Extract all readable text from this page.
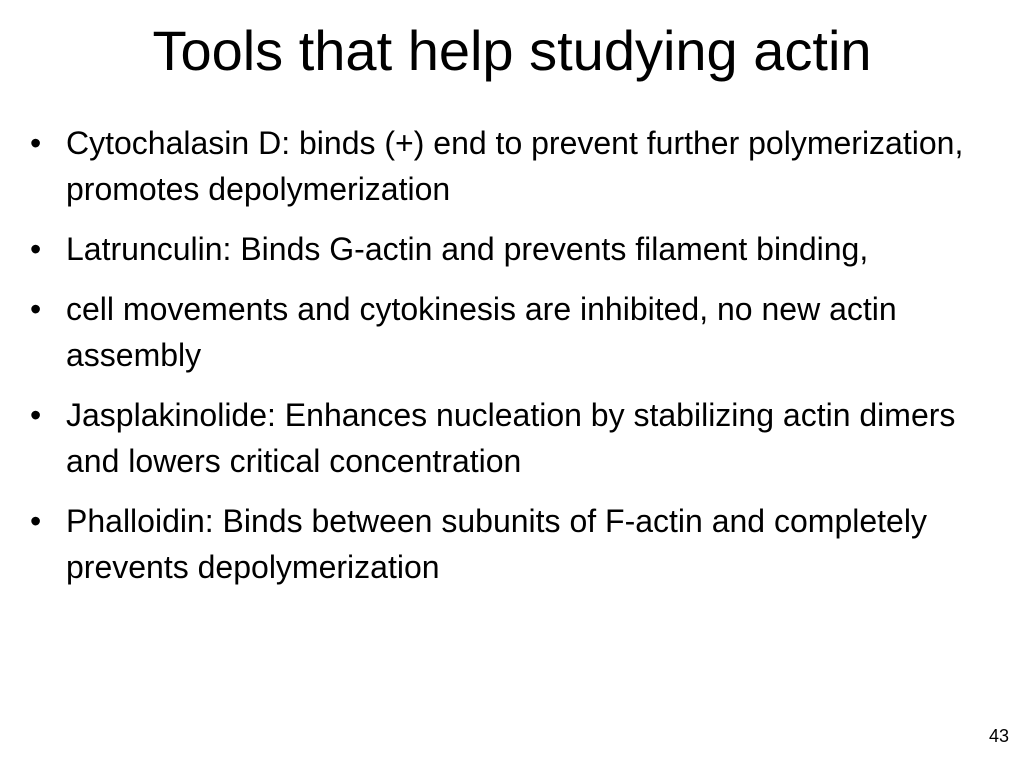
Tools that help studying actin
• Cytochalasin D: binds (+) end to prevent further polymerization, promotes depolymerization
• Latrunculin: Binds G-actin and prevents filament binding,
• cell movements and cytokinesis are inhibited, no new actin assembly
• Jasplakinolide: Enhances nucleation by stabilizing actin dimers and lowers critical concentration
• Phalloidin: Binds between subunits of F-actin and completely prevents depolymerization
43
